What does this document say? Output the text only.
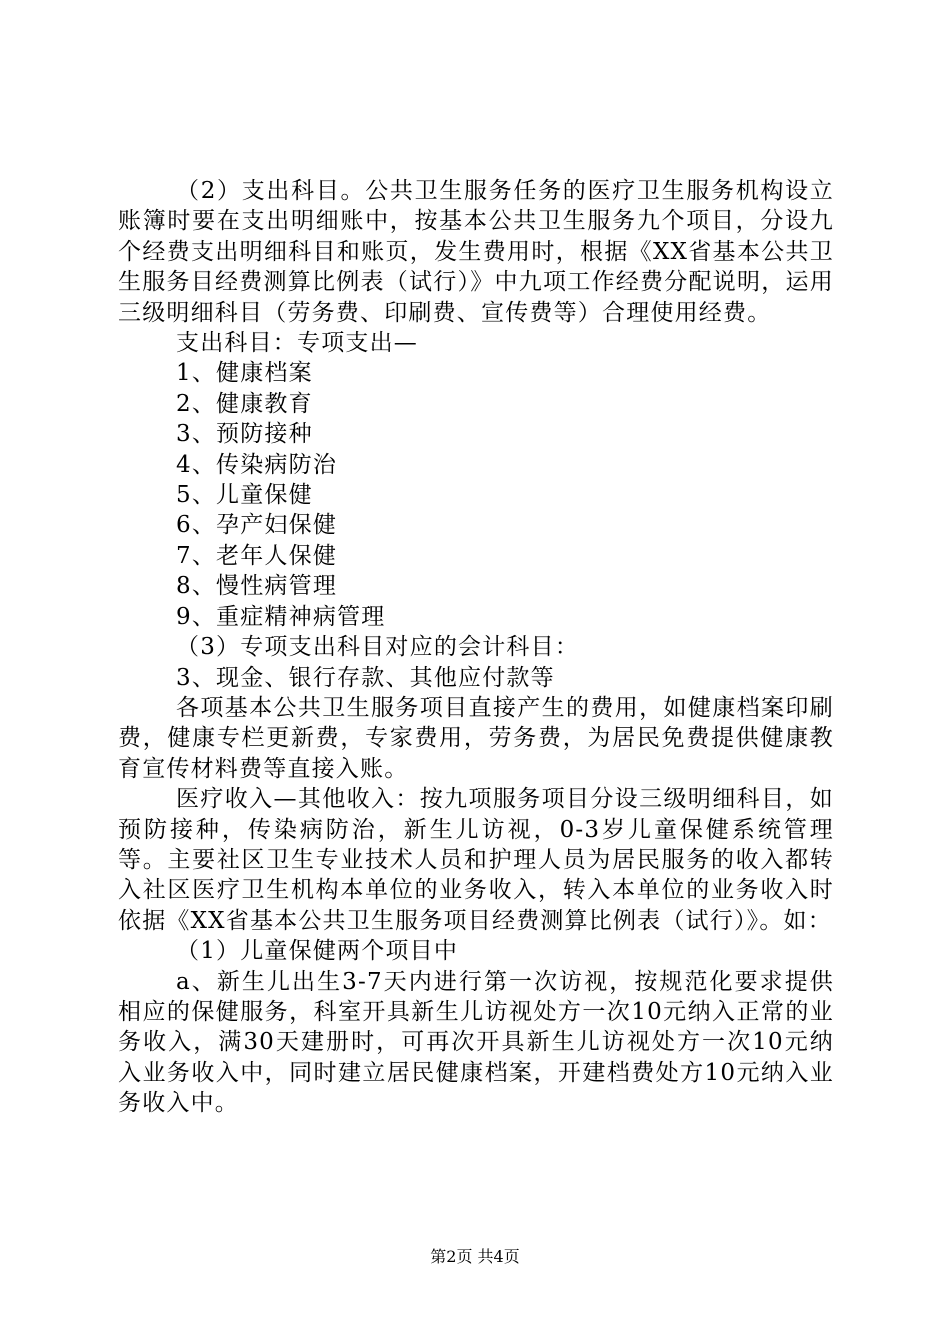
（2）支出科目。公共卫生服务任务的医疗卫生服务机构设立账簿时要在支出明细账中，按基本公共卫生服务九个项目，分设九个经费支出明细科目和账页，发生费用时，根据《XX省基本公共卫生服务目经费测算比例表（试行）》中九项工作经费分配说明，运用三级明细科目（劳务费、印刷费、宣传费等）合理使用经费。

支出科目：专项支出—

1、健康档案

2、健康教育

3、预防接种

4、传染病防治

5、儿童保健

6、孕产妇保健

7、老年人保健

8、慢性病管理

9、重症精神病管理

（3）专项支出科目对应的会计科目：

3、现金、银行存款、其他应付款等

各项基本公共卫生服务项目直接产生的费用，如健康档案印刷费，健康专栏更新费，专家费用，劳务费，为居民免费提供健康教育宣传材料费等直接入账。

医疗收入—其他收入：按九项服务项目分设三级明细科目，如预防接种，传染病防治，新生儿访视，0-3岁儿童保健系统管理等。主要社区卫生专业技术人员和护理人员为居民服务的收入都转入社区医疗卫生机构本单位的业务收入，转入本单位的业务收入时依据《XX省基本公共卫生服务项目经费测算比例表（试行）》。如：

（1）儿童保健两个项目中

a、新生儿出生3-7天内进行第一次访视，按规范化要求提供相应的保健服务，科室开具新生儿访视处方一次10元纳入正常的业务收入，满30天建册时，可再次开具新生儿访视处方一次10元纳入业务收入中，同时建立居民健康档案，开建档费处方10元纳入业务收入中。

第2页 共4页
